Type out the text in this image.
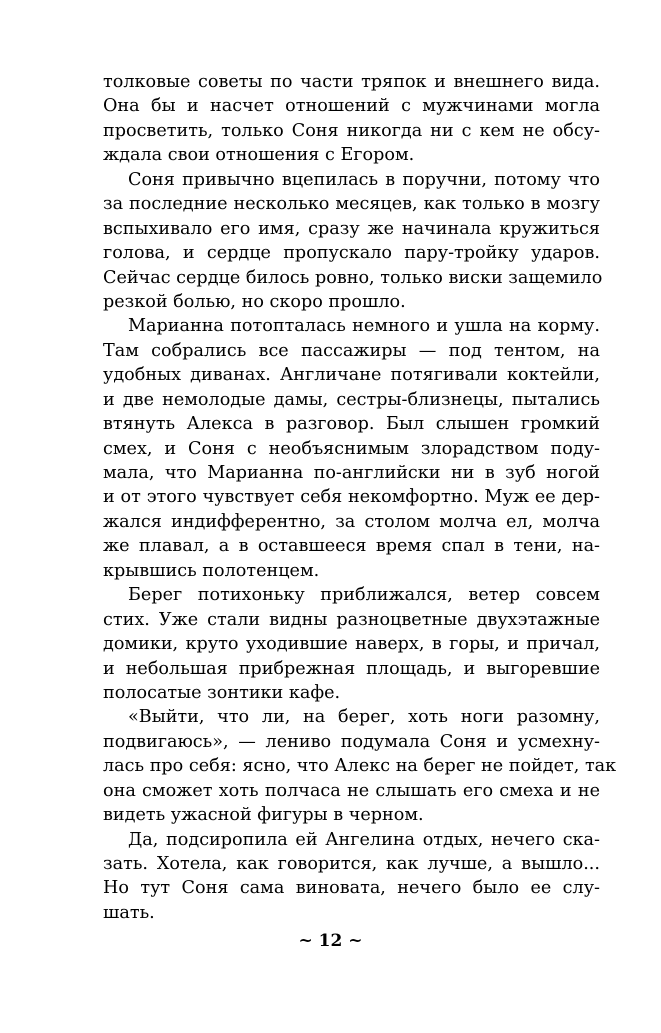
толковые советы по части тряпок и внешнего вида.
Она бы и насчет отношений с мужчинами могла
просветить, только Соня никогда ни с кем не обсу-
ждала свои отношения с Егором.
Соня привычно вцепилась в поручни, потому что
за последние несколько месяцев, как только в мозгу
вспыхивало его имя, сразу же начинала кружиться
голова, и сердце пропускало пару-тройку ударов.
Сейчас сердце билось ровно, только виски защемило
резкой болью, но скоро прошло.
Марианна потопталась немного и ушла на корму.
Там собрались все пассажиры — под тентом, на
удобных диванах. Англичане потягивали коктейли,
и две немолодые дамы, сестры-близнецы, пытались
втянуть Алекса в разговор. Был слышен громкий
смех, и Соня с необъяснимым злорадством поду-
мала, что Марианна по-английски ни в зуб ногой
и от этого чувствует себя некомфортно. Муж ее дер-
жался индифферентно, за столом молча ел, молча
же плавал, а в оставшееся время спал в тени, на-
крывшись полотенцем.
Берег потихоньку приближался, ветер совсем
стих. Уже стали видны разноцветные двухэтажные
домики, круто уходившие наверх, в горы, и причал,
и небольшая прибрежная площадь, и выгоревшие
полосатые зонтики кафе.
«Выйти, что ли, на берег, хоть ноги разомну,
подвигаюсь», — лениво подумала Соня и усмехну-
лась про себя: ясно, что Алекс на берег не пойдет, так
она сможет хоть полчаса не слышать его смеха и не
видеть ужасной фигуры в черном.
Да, подсиропила ей Ангелина отдых, нечего ска-
зать. Хотела, как говорится, как лучше, а вышло...
Но тут Соня сама виновата, нечего было ее слу-
шать.
~ 12 ~
